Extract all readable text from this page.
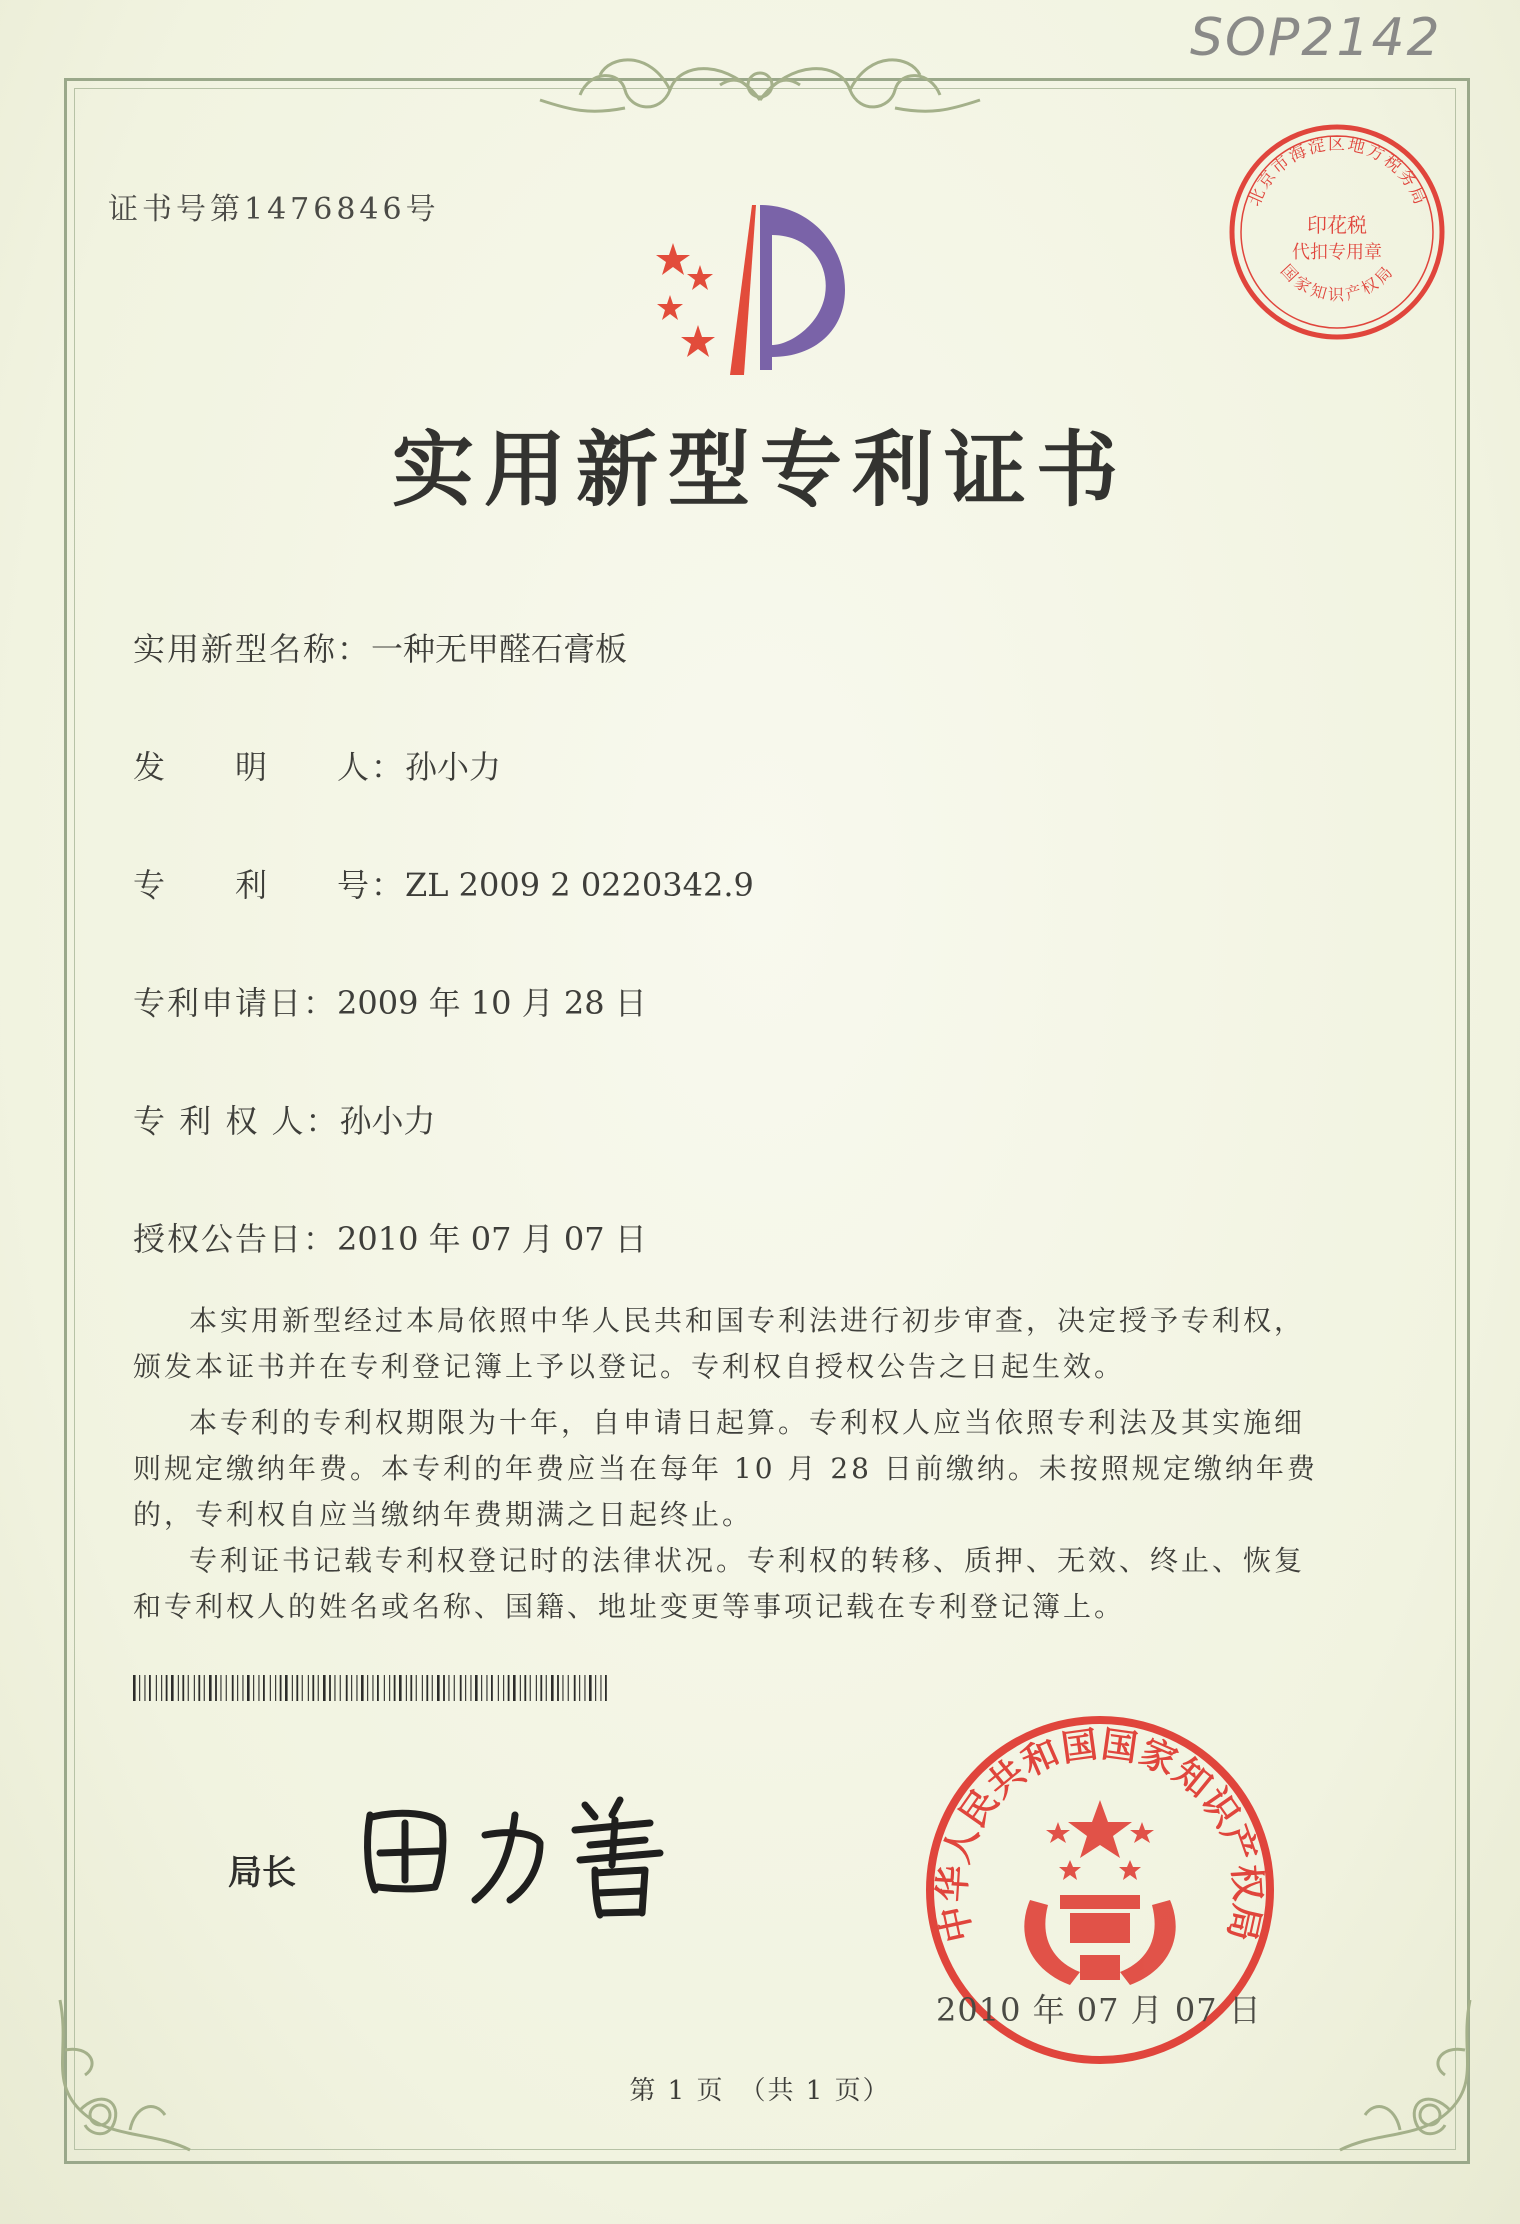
SOP2142
证书号第1476846号	北京市海淀区地方税务局
印花税
代扣专用章
国家知识产权局
实用新型专利证书
实用新型名称：一种无甲醛石膏板
发　　明　　人：孙小力
专　　利　　号：ZL 2009 2 0220342.9
专利申请日：2009 年 10 月 28 日
专 利 权 人：孙小力
授权公告日：2010 年 07 月 07 日

本实用新型经过本局依照中华人民共和国专利法进行初步审查，决定授予专利权，颁发本证书并在专利登记簿上予以登记。专利权自授权公告之日起生效。

本专利的专利权期限为十年，自申请日起算。专利权人应当依照专利法及其实施细则规定缴纳年费。本专利的年费应当在每年 10 月 28 日前缴纳。未按照规定缴纳年费的，专利权自应当缴纳年费期满之日起终止。

专利证书记载专利权登记时的法律状况。专利权的转移、质押、无效、终止、恢复和专利权人的姓名或名称、国籍、地址变更等事项记载在专利登记簿上。

局长
中华人民共和国国家知识产权局
2010 年 07 月 07 日
第 1 页　（共 1 页）
